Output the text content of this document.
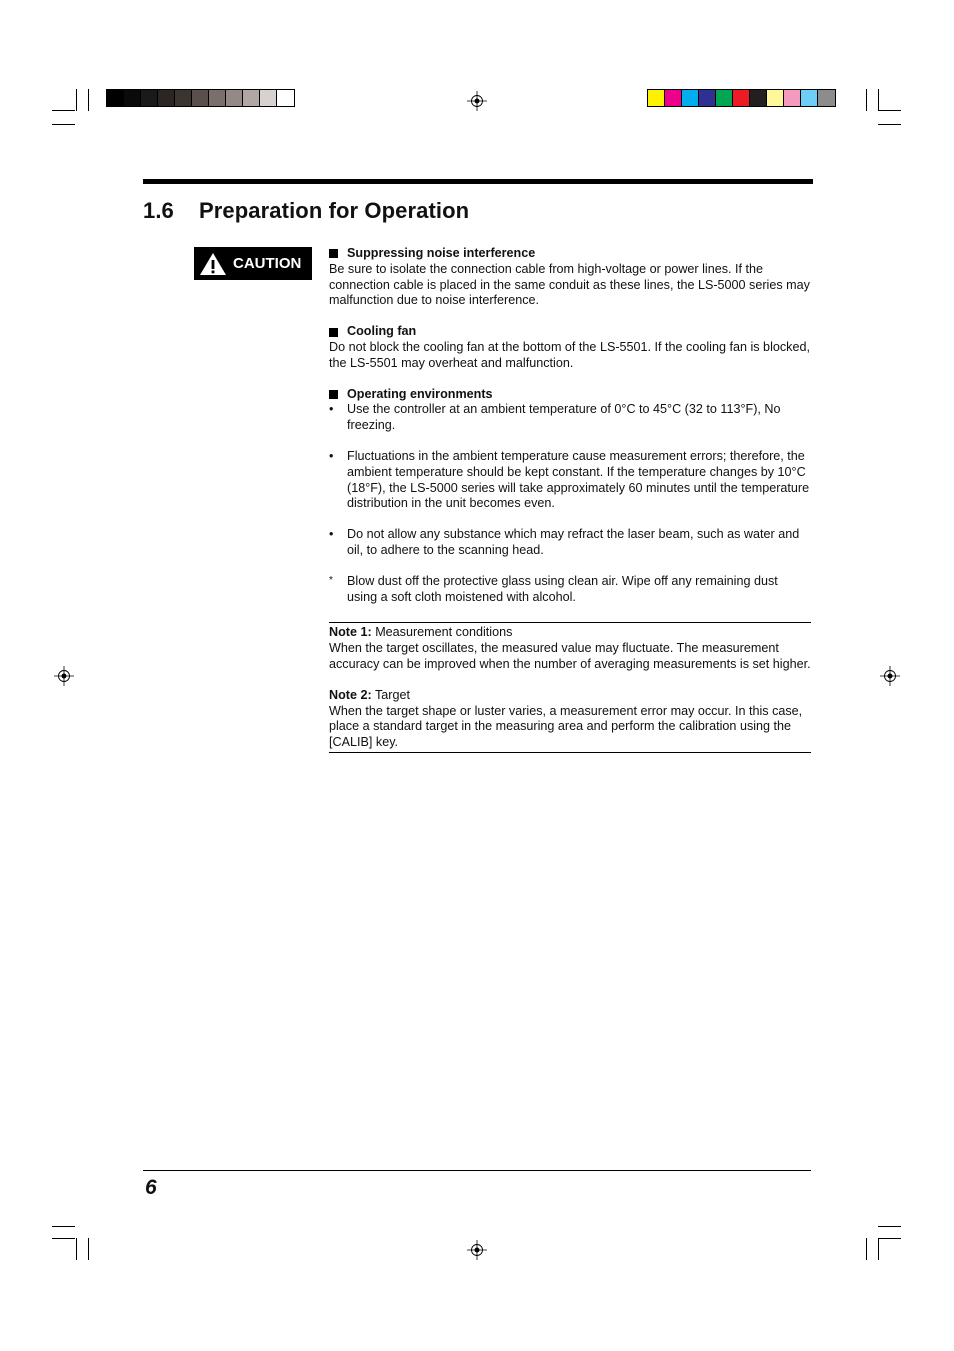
1.6 Preparation for Operation
CAUTION
Suppressing noise interference

Be sure to isolate the connection cable from high-voltage or power lines. If the connection cable is placed in the same conduit as these lines, the LS-5000 series may malfunction due to noise interference.

Cooling fan

Do not block the cooling fan at the bottom of the LS-5501. If the cooling fan is blocked, the LS-5501 may overheat and malfunction.

Operating environments
•	Use the controller at an ambient temperature of 0°C to 45°C (32 to 113°F), No freezing.
•	Fluctuations in the ambient temperature cause measurement errors; therefore, the ambient temperature should be kept constant. If the temperature changes by 10°C (18°F), the LS-5000 series will take approximately 60 minutes until the temperature distribution in the unit becomes even.
•	Do not allow any substance which may refract the laser beam, such as water and oil, to adhere to the scanning head.
*	Blow dust off the protective glass using clean air. Wipe off any remaining dust using a soft cloth moistened with alcohol.
Note 1: Measurement conditions

When the target oscillates, the measured value may fluctuate. The measurement accuracy can be improved when the number of averaging measurements is set higher.

Note 2: Target

When the target shape or luster varies, a measurement error may occur. In this case, place a standard target in the measuring area and perform the calibration using the [CALIB] key.

6
